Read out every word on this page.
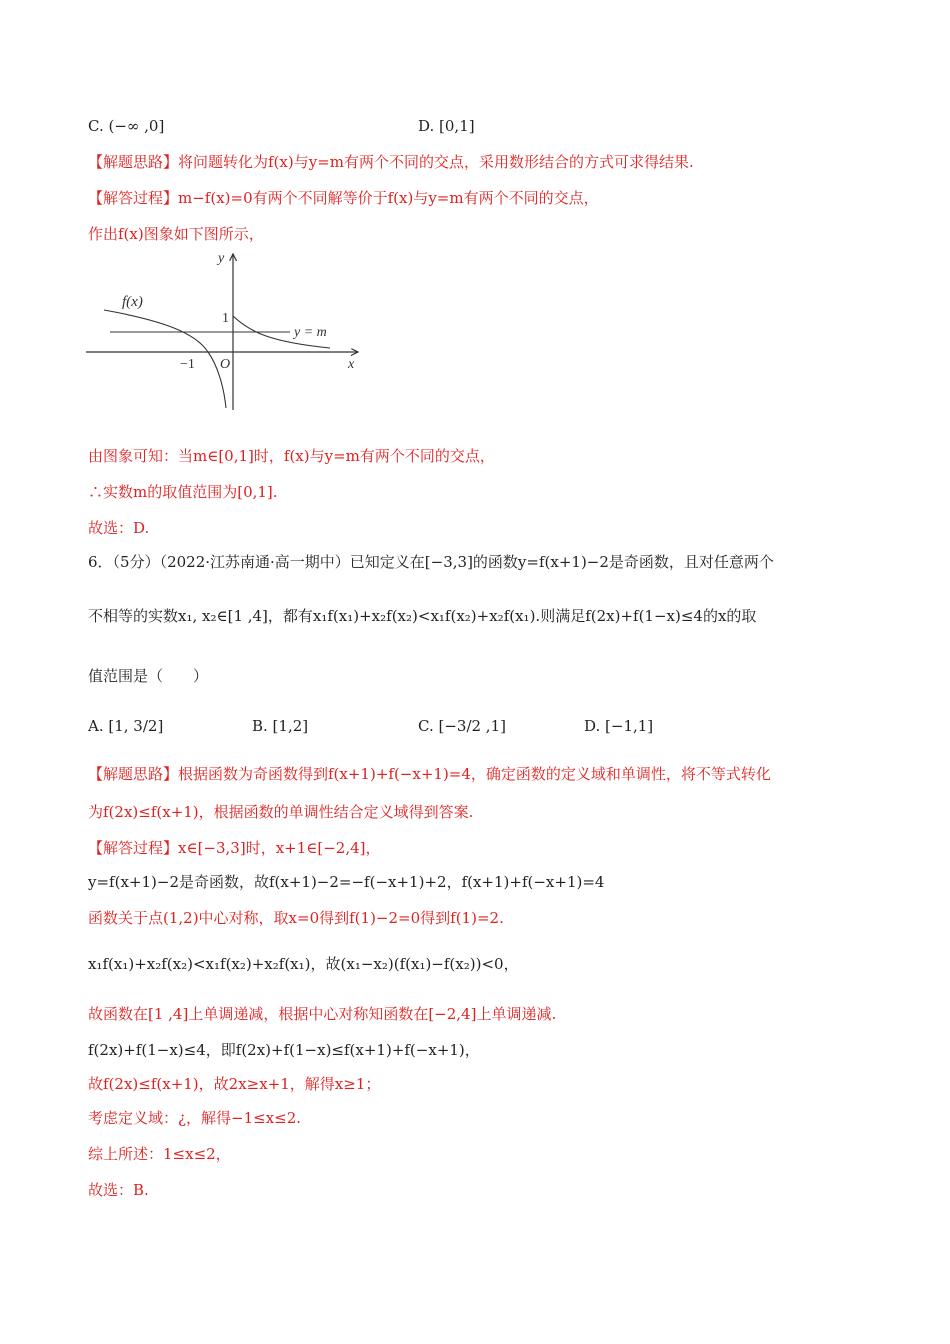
C. (−∞ ,0]	D. [0,1]
【解题思路】将问题转化为f(x)与y=m有两个不同的交点，采用数形结合的方式可求得结果.
【解答过程】m−f(x)=0有两个不同解等价于f(x)与y=m有两个不同的交点，
作出f(x)图象如下图所示，
y
x
f(x)
y = m
1
−1 O
由图象可知：当m∈[0,1]时，f(x)与y=m有两个不同的交点，
∴实数m的取值范围为[0,1].
故选：D.
6．（5分）（2022·江苏南通·高一期中）已知定义在[−3,3]的函数y=f(x+1)−2是奇函数，且对任意两个
不相等的实数x₁, x₂∈[1 ,4]，都有x₁f(x₁)+x₂f(x₂)<x₁f(x₂)+x₂f(x₁).则满足f(2x)+f(1−x)≤4的x的取
值范围是（　　）
A. [1, 3/2]	B. [1,2]	C. [−3/2 ,1]	D. [−1,1]
【解题思路】根据函数为奇函数得到f(x+1)+f(−x+1)=4，确定函数的定义域和单调性，将不等式转化
为f(2x)≤f(x+1)，根据函数的单调性结合定义域得到答案.
【解答过程】x∈[−3,3]时，x+1∈[−2,4]，
y=f(x+1)−2是奇函数，故f(x+1)−2=−f(−x+1)+2，f(x+1)+f(−x+1)=4
函数关于点(1,2)中心对称，取x=0得到f(1)−2=0得到f(1)=2.
x₁f(x₁)+x₂f(x₂)<x₁f(x₂)+x₂f(x₁)，故(x₁−x₂)(f(x₁)−f(x₂))<0，
故函数在[1 ,4]上单调递减，根据中心对称知函数在[−2,4]上单调递减.
f(2x)+f(1−x)≤4，即f(2x)+f(1−x)≤f(x+1)+f(−x+1)，
故f(2x)≤f(x+1)，故2x≥x+1，解得x≥1；
考虑定义域：¿，解得−1≤x≤2.
综上所述：1≤x≤2，
故选：B.
